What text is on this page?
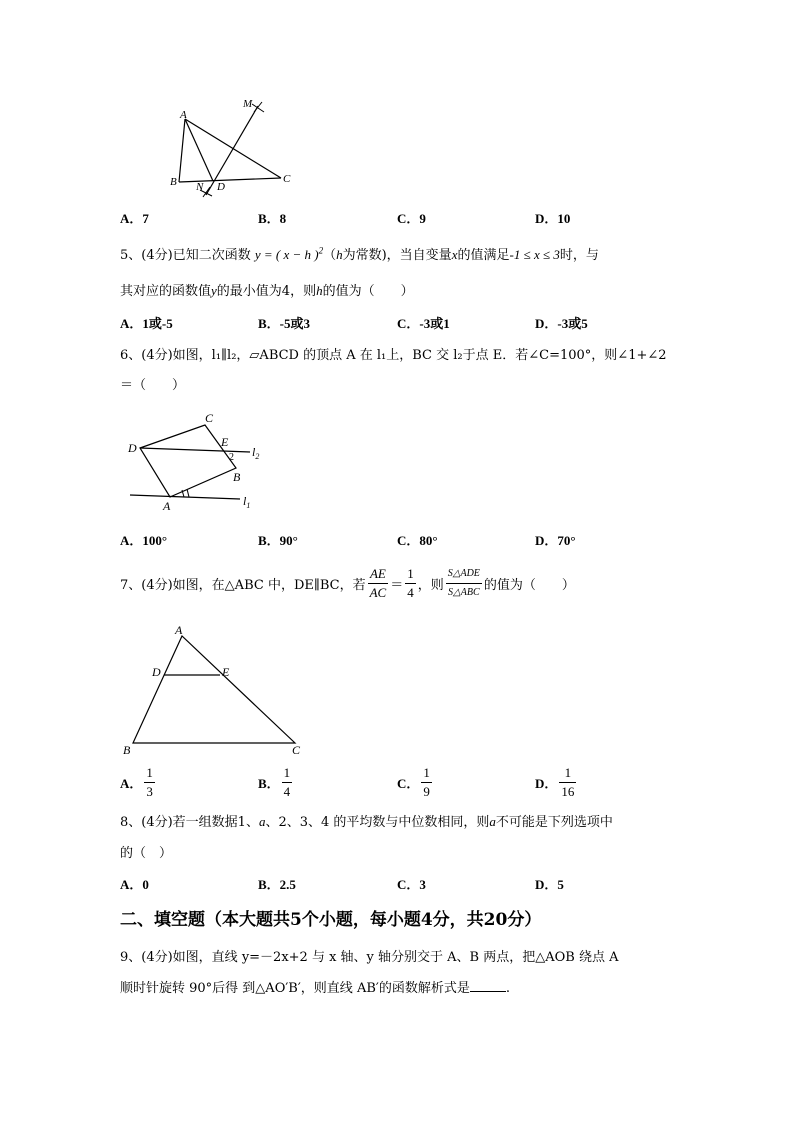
A
B	C
N D
M
A．7	B．8	C．9	D．10
5、(4分)已知二次函数 y = ( x − h )$^2$（h为常数)，当自变量x的值满足-1 ≤ x ≤ 3时，与
其对应的函数值y的最小值为4，则h的值为（　　）
A．1或-5	B．-5或3	C．-3或1	D．-3或5
6、(4分)如图，l₁∥l₂，▱ABCD 的顶点 A 在 l₁上，BC 交 l₂于点 E．若∠C=100°，则∠1+∠2
＝（　　）
C
D	E
2 $l_2$
B
A	$l_1$
A．100°	B．90°	C．80°	D．70°
7、(4分)如图，在△ABC 中，DE∥BC，若 $\frac{AE}{AC} = \frac{1}{4}$ ，则 $\frac{\text{S△ADE}}{\text{S△ABC}}$ 的值为（　　）
A
D	E
B	C
A． $\frac{1}{3}$	B． $\frac{1}{4}$	C． $\frac{1}{9}$	D． $\frac{1}{16}$
8、(4分)若一组数据1、a、2、3、4 的平均数与中位数相同，则a不可能是下列选项中
的（　）
A．0	B．2.5	C．3	D．5
二、填空题（本大题共5个小题，每小题4分，共20分）
9、(4分)如图，直线 y=－2x+2 与 x 轴、y 轴分别交于 A、B 两点，把△AOB 绕点 A
顺时针旋转 90°后得 到△AO′B′，则直线 AB′的函数解析式是	.
